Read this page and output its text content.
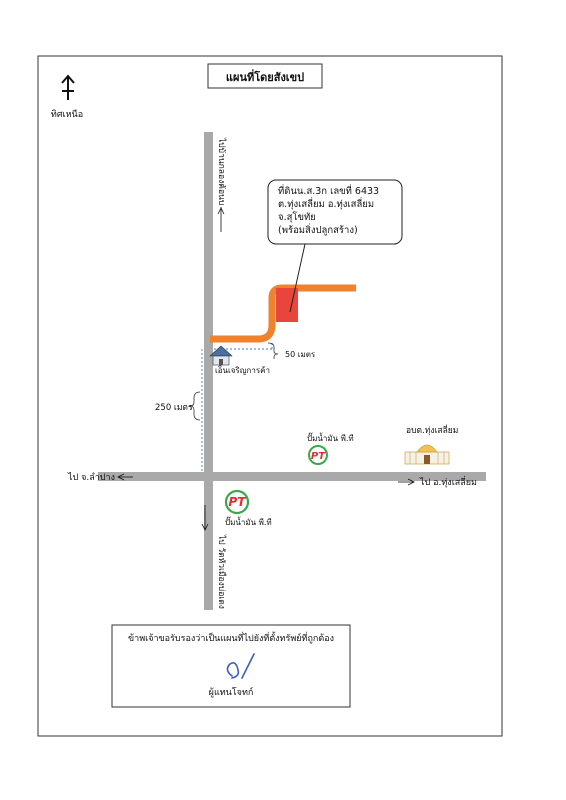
แผนที่โดยสังเขป
ทิศเหนือ
ที่ดินน.ส.3ก เลขที่ 6433 ต.ทุ่งเสลี่ยม อ.ทุ่งเสลี่ยม จ.สุโขทัย (พร้อมสิ่งปลูกสร้าง)
ไปบ้านกลองค้อนบ
ไป วัดหัวเมืองบ่อเดง
ไป จ.ลำปาง	ไป อ.ทุ่งเสลี่ยม
250 เมตร
50 เมตร
เอ็นเจริญการค้า
ปั๊มน้ำมัน พี.ที
PT
PT
ปั๊มน้ำมัน พี.ที
อบต.ทุ่งเสลี่ยม
ข้าพเจ้าขอรับรองว่าเป็นแผนที่ไปยังที่ตั้งทรัพย์ที่ถูกต้อง
ผู้แทนโจทก์
